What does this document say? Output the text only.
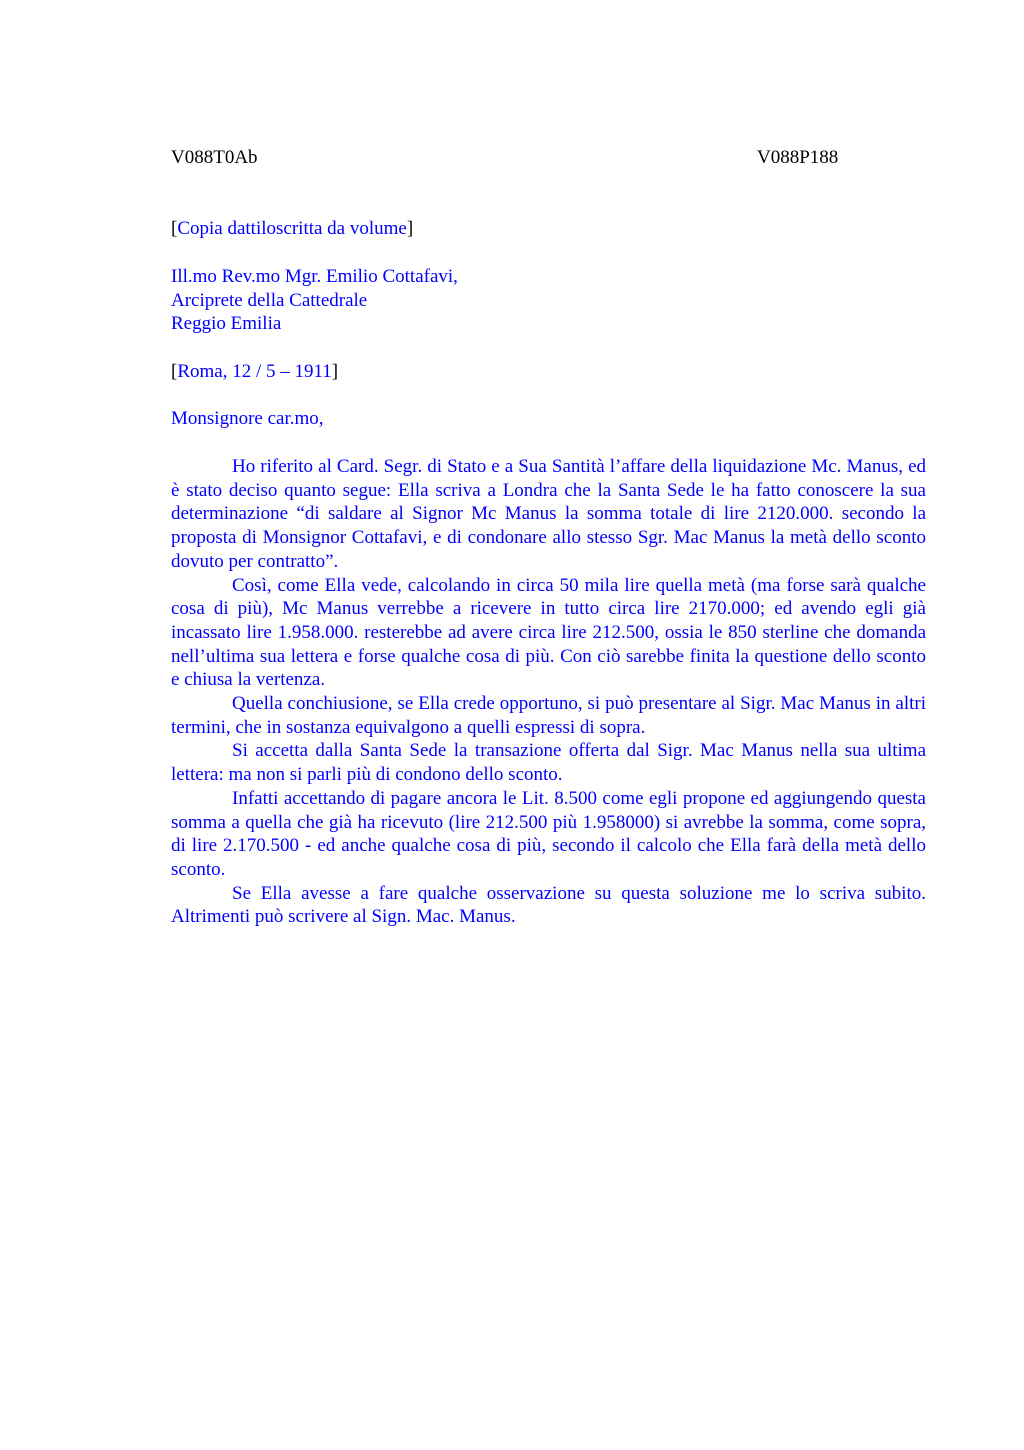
V088T0Ab	V088P188

[Copia dattiloscritta da volume]

Ill.mo Rev.mo Mgr. Emilio Cottafavi,

Arciprete della Cattedrale

Reggio Emilia

[Roma, 12 / 5 – 1911]

Monsignore car.mo,

Ho riferito al Card. Segr. di Stato e a Sua Santità l’affare della liquidazione Mc. Manus, ed è stato deciso quanto segue: Ella scriva a Londra che la Santa Sede le ha fatto conoscere la sua determinazione “di saldare al Signor Mc Manus la somma totale di lire 2120.000. secondo la proposta di Monsignor Cottafavi, e di condonare allo stesso Sgr. Mac Manus la metà dello sconto dovuto per contratto”.

Così, come Ella vede, calcolando in circa 50 mila lire quella metà (ma forse sarà qualche cosa di più), Mc Manus verrebbe a ricevere in tutto circa lire 2170.000; ed avendo egli già incassato lire 1.958.000. resterebbe ad avere circa lire 212.500, ossia le 850 sterline che domanda nell’ultima sua lettera e forse qualche cosa di più. Con ciò sarebbe finita la questione dello sconto e chiusa la vertenza.

Quella conchiusione, se Ella crede opportuno, si può presentare al Sigr. Mac Manus in altri termini, che in sostanza equivalgono a quelli espressi di sopra.

Si accetta dalla Santa Sede la transazione offerta dal Sigr. Mac Manus nella sua ultima lettera: ma non si parli più di condono dello sconto.

Infatti accettando di pagare ancora le Lit. 8.500 come egli propone ed aggiungendo questa somma a quella che già ha ricevuto (lire 212.500 più 1.958000) si avrebbe la somma, come sopra, di lire 2.170.500 - ed anche qualche cosa di più, secondo il calcolo che Ella farà della metà dello sconto.

Se Ella avesse a fare qualche osservazione su questa soluzione me lo scriva subito. Altrimenti può scrivere al Sign. Mac. Manus.
